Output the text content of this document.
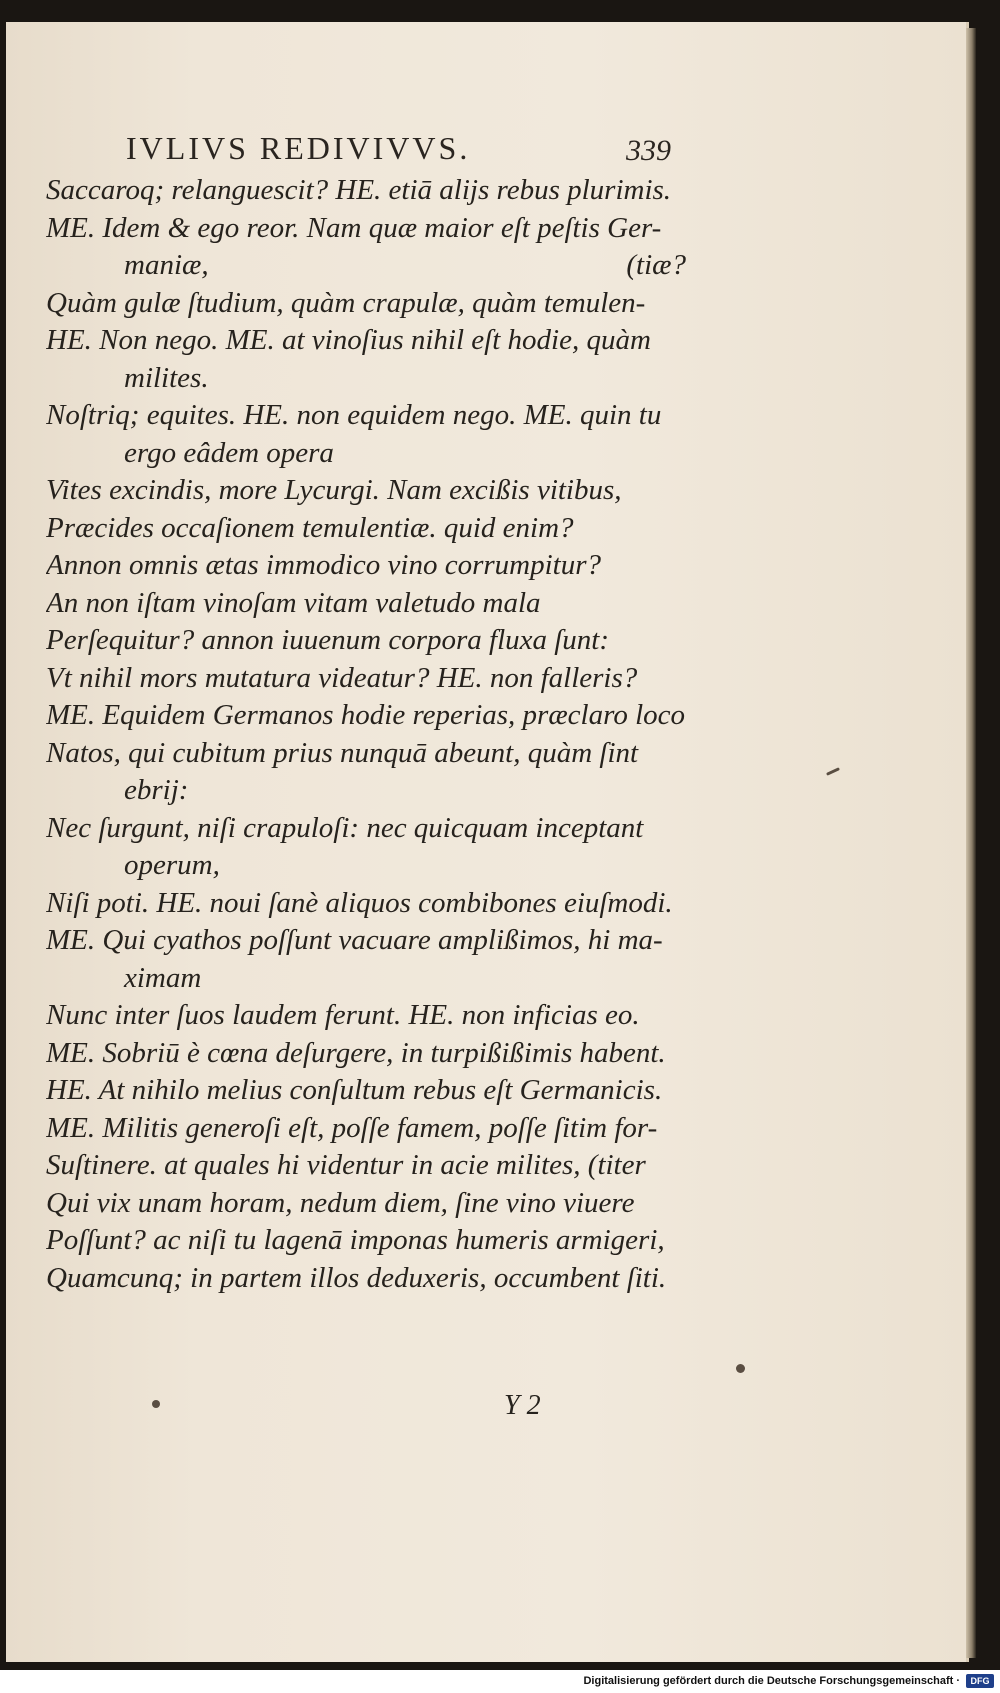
IVLIVS REDIVIVVS.	339
Saccaroq; relanguescit? HE. etiā aliјs rebus plurimis.
ME. Idem & ego reor. Nam quæ maior eſt peſtis Ger-
maniæ,	(tiæ?
Quàm gulæ ſtudium, quàm crapulæ, quàm temulen-
HE. Non nego. ME. at vinoſius nihil eſt hodie, quàm
milites.
Noſtriq; equites. HE. non equidem nego. ME. quin tu
ergo eâdem opera
Vites excindis, more Lycurgi. Nam excißis vitibus,
Præcides occaſionem temulentiæ. quid enim?
Annon omnis ætas immodico vino corrumpitur?
An non iſtam vinoſam vitam valetudo mala
Perſequitur? annon iuuenum corpora fluxa ſunt:
Vt nihil mors mutatura videatur? HE. non falleris?
ME. Equidem Germanos hodie reperias, præclaro loco
Natos, qui cubitum prius nunquā abeunt, quàm ſint
ebrij:
Nec ſurgunt, niſi crapuloſi: nec quicquam inceptant
operum,
Niſi poti. HE. noui ſanè aliquos combibones eiuſmodi.
ME. Qui cyathos poſſunt vacuare amplißimos, hi ma-
ximam
Nunc inter ſuos laudem ferunt. HE. non inficias eo.
ME. Sobriū è cœna deſurgere, in turpißißimis habent.
HE. At nihilo melius conſultum rebus eſt Germanicis.
ME. Militis generoſi eſt, poſſe famem, poſſe ſitim for-
Suſtinere. at quales hi videntur in acie milites, (titer
Qui vix unam horam, nedum diem, ſine vino viuere
Poſſunt? ac niſi tu lagenā imponas humeris armigeri,
Quamcunq; in partem illos deduxeris, occumbent ſiti.
Y 2
Digitalisierung gefördert durch die Deutsche Forschungsgemeinschaft ·	DFG
